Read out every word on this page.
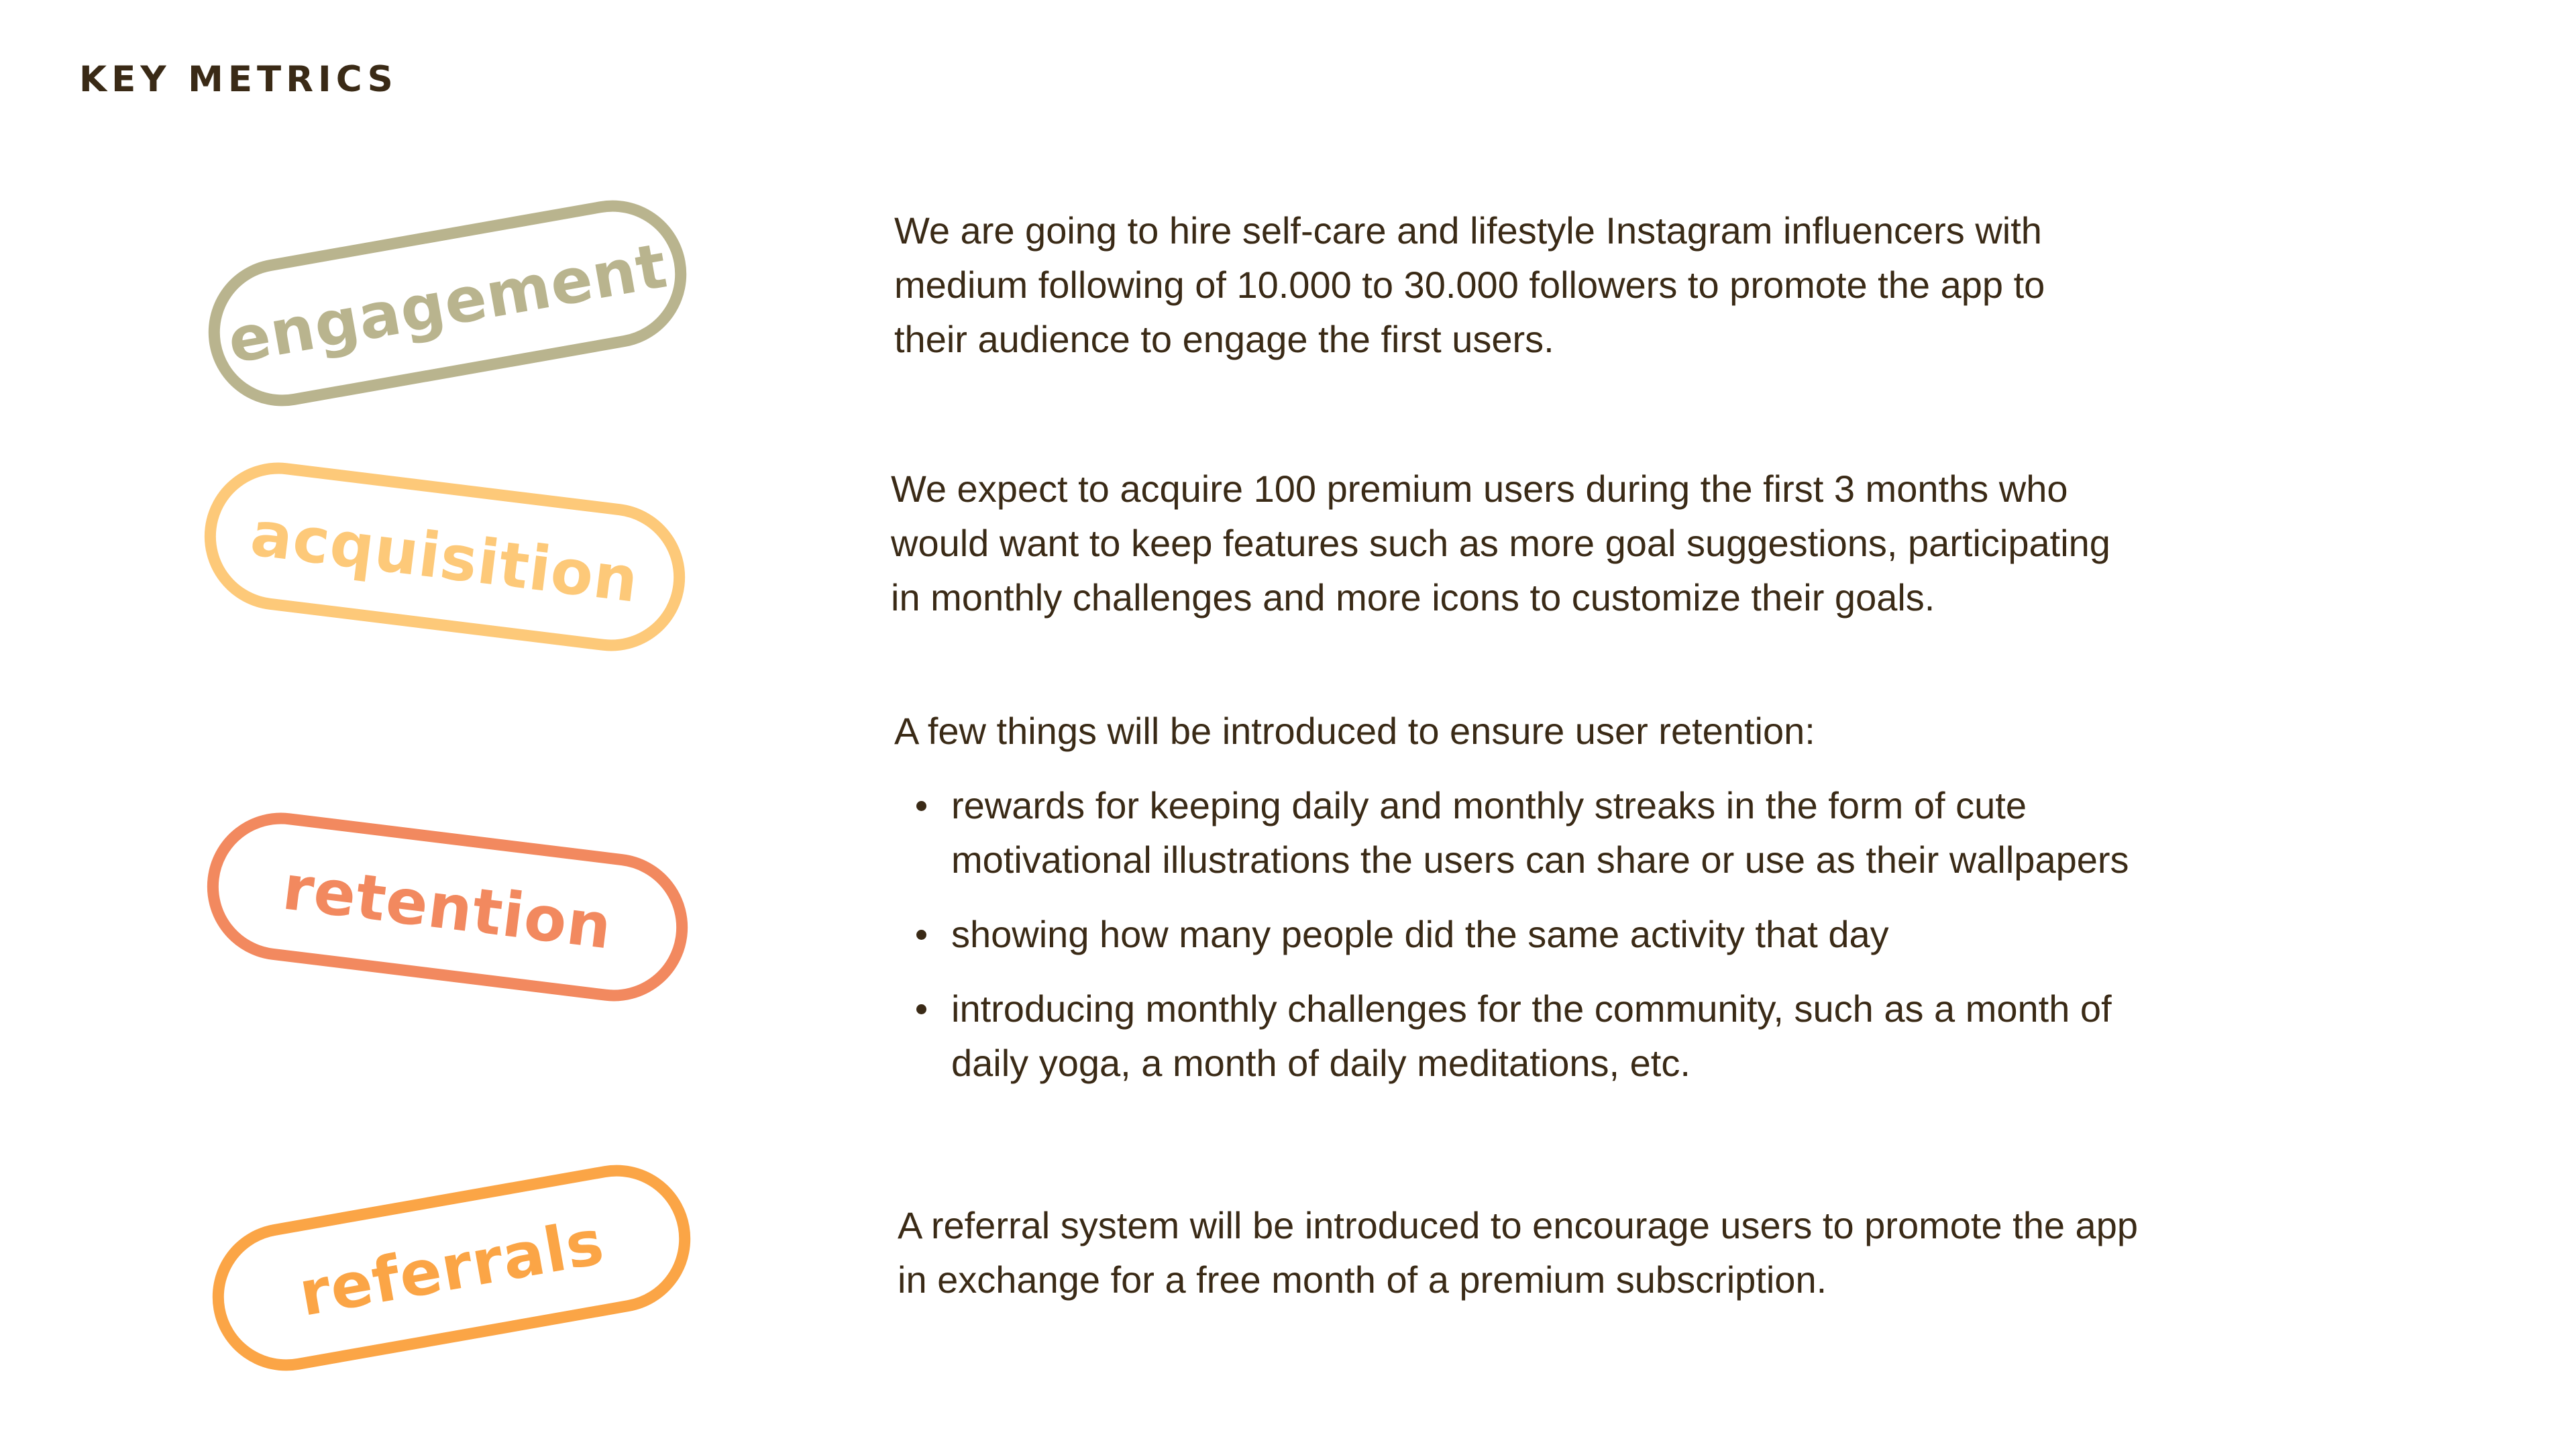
KEY METRICS
engagement	We are going to hire self-care and lifestyle Instagram influencers with
medium following of 10.000 to 30.000 followers to promote the app to
their audience to engage the first users.
acquisition
We expect to acquire 100 premium users during the first 3 months who
would want to keep features such as more goal suggestions, participating
in monthly challenges and more icons to customize their goals.
retention

A few things will be introduced to ensure user retention:

rewards for keeping daily and monthly streaks in the form of cute
motivational illustrations the users can share or use as their wallpapers
showing how many people did the same activity that day
introducing monthly challenges for the community, such as a month of
daily yoga, a month of daily meditations, etc.
referrals	A referral system will be introduced to encourage users to promote the app
in exchange for a free month of a premium subscription.
